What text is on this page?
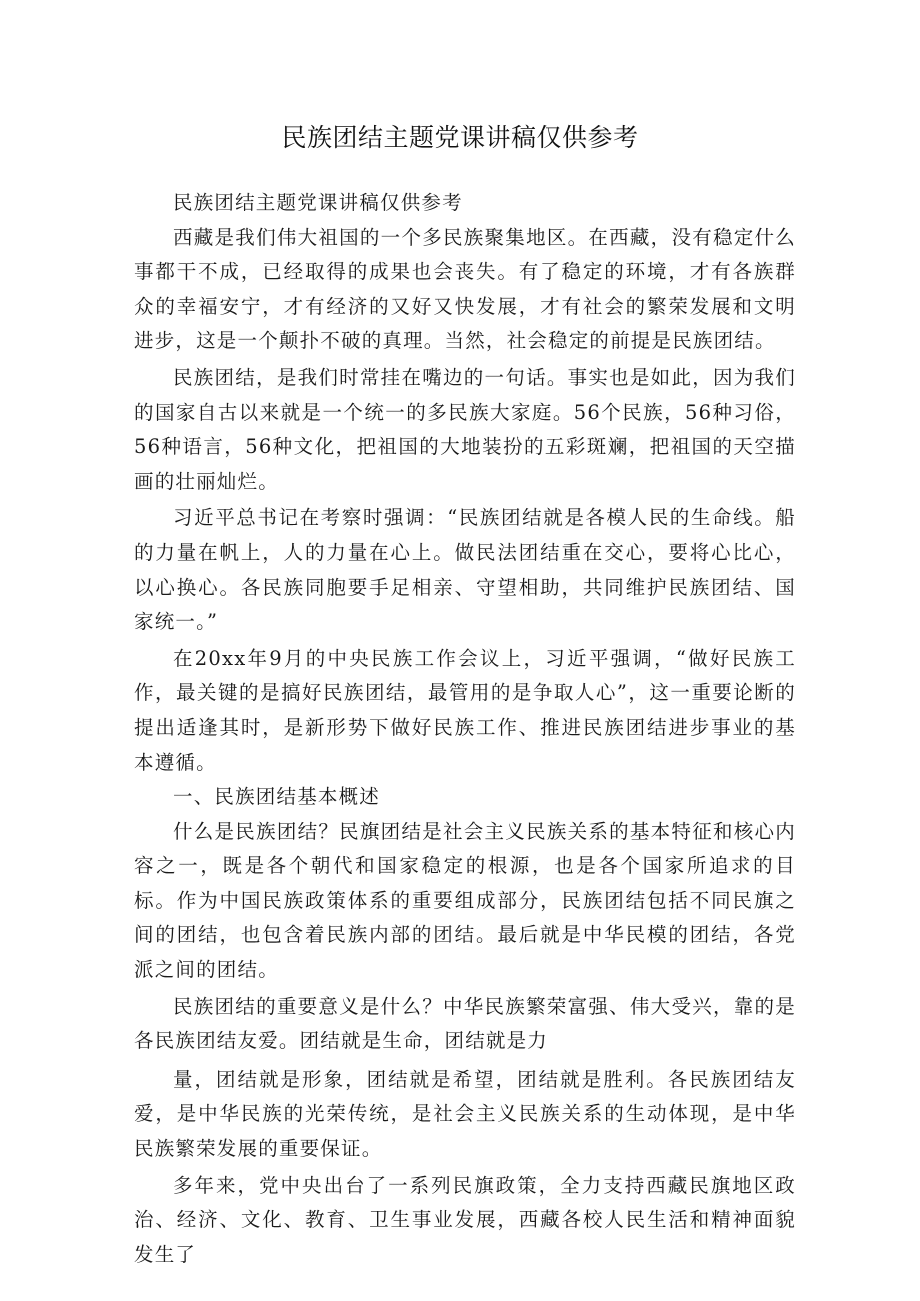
民族团结主题党课讲稿仅供参考

民族团结主题党课讲稿仅供参考

西藏是我们伟大祖国的一个多民族聚集地区。在西藏，没有稳定什么事都干不成，已经取得的成果也会丧失。有了稳定的环境，才有各族群众的幸福安宁，才有经济的又好又快发展，才有社会的繁荣发展和文明进步，这是一个颠扑不破的真理。当然，社会稳定的前提是民族团结。

民族团结，是我们时常挂在嘴边的一句话。事实也是如此，因为我们的国家自古以来就是一个统一的多民族大家庭。56个民族，56种习俗，56种语言，56种文化，把祖国的大地装扮的五彩斑斓，把祖国的天空描画的壮丽灿烂。

习近平总书记在考察时强调：“民族团结就是各模人民的生命线。船的力量在帆上，人的力量在心上。做民法团结重在交心，要将心比心，以心换心。各民族同胞要手足相亲、守望相助，共同维护民族团结、国家统一。”

在20xx年9月的中央民族工作会议上，习近平强调，“做好民族工作，最关键的是搞好民族团结，最管用的是争取人心”，这一重要论断的提出适逢其时，是新形势下做好民族工作、推进民族团结进步事业的基本遵循。

一、民族团结基本概述

什么是民族团结？民旗团结是社会主义民族关系的基本特征和核心内容之一，既是各个朝代和国家稳定的根源，也是各个国家所追求的目标。作为中国民族政策体系的重要组成部分，民族团结包括不同民旗之间的团结，也包含着民族内部的团结。最后就是中华民模的团结，各党派之间的团结。

民族团结的重要意义是什么？中华民族繁荣富强、伟大受兴，靠的是各民族团结友爱。团结就是生命，团结就是力

量，团结就是形象，团结就是希望，团结就是胜利。各民族团结友爱，是中华民族的光荣传统，是社会主义民族关系的生动体现，是中华民族繁荣发展的重要保证。

多年来，党中央出台了一系列民旗政策，全力支持西藏民旗地区政治、经济、文化、教育、卫生事业发展，西藏各校人民生活和精神面貌发生了
